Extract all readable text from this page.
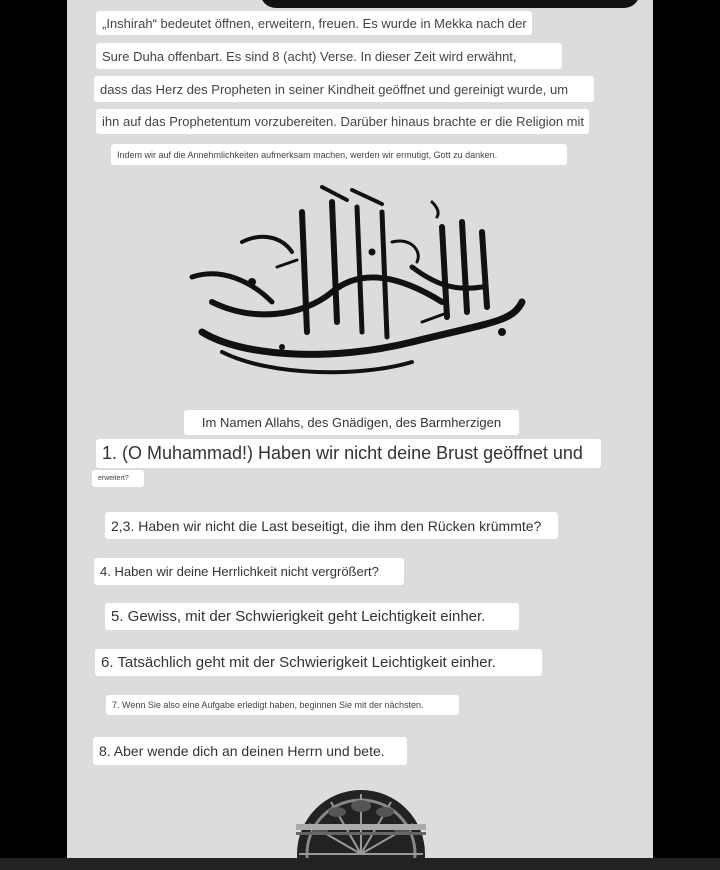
„Inshirah“ bedeutet öffnen, erweitern, freuen. Es wurde in Mekka nach der
Sure Duha offenbart. Es sind 8 (acht) Verse. In dieser Zeit wird erwähnt,
dass das Herz des Propheten in seiner Kindheit geöffnet und gereinigt wurde, um
ihn auf das Prophetentum vorzubereiten. Darüber hinaus brachte er die Religion mit
Indem wir auf die Annehmlichkeiten aufmerksam machen, werden wir ermutigt, Gott zu danken.
Im Namen Allahs, des Gnädigen, des Barmherzigen
1. (O Muhammad!) Haben wir nicht deine Brust geöffnet und
erweitert?
2,3. Haben wir nicht die Last beseitigt, die ihm den Rücken krümmte?
4. Haben wir deine Herrlichkeit nicht vergrößert?
5. Gewiss, mit der Schwierigkeit geht Leichtigkeit einher.
6. Tatsächlich geht mit der Schwierigkeit Leichtigkeit einher.
7. Wenn Sie also eine Aufgabe erledigt haben, beginnen Sie mit der nächsten.
8. Aber wende dich an deinen Herrn und bete.
